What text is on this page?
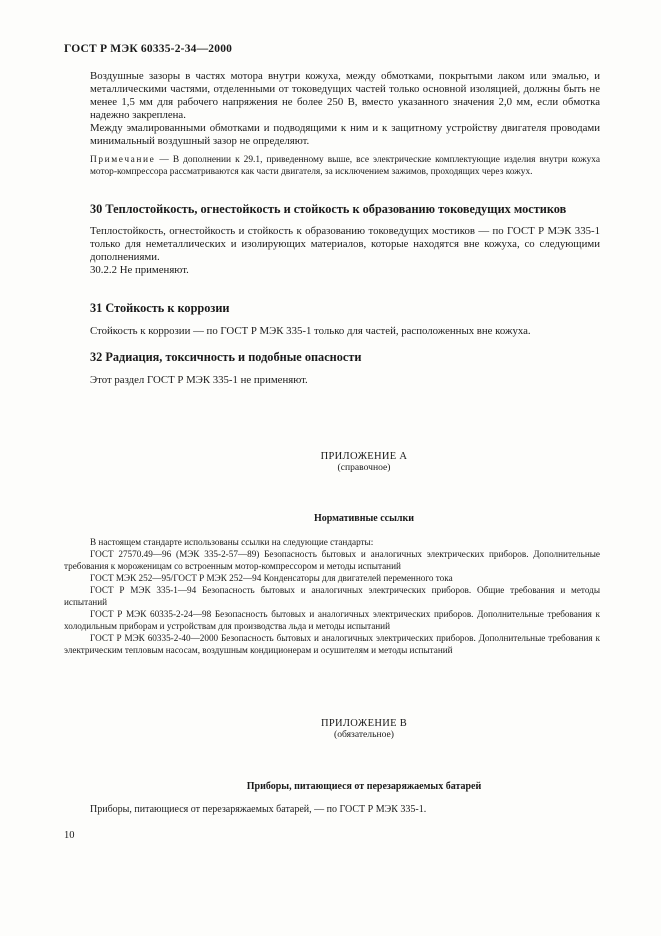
ГОСТ Р МЭК 60335-2-34—2000

Воздушные зазоры в частях мотора внутри кожуха, между обмотками, покрытыми лаком или эмалью, и металлическими частями, отделенными от токоведущих частей только основной изоляцией, должны быть не менее 1,5 мм для рабочего напряжения не более 250 В, вместо указанного значения 2,0 мм, если обмотка надежно закреплена.

Между эмалированными обмотками и подводящими к ним и к защитному устройству двигателя проводами минимальный воздушный зазор не определяют.

Примечание — В дополнении к 29.1, приведенному выше, все электрические комплектующие изделия внутри кожуха мотор-компрессора рассматриваются как части двигателя, за исключением зажимов, проходящих через кожух.

30 Теплостойкость, огнестойкость и стойкость к образованию токоведущих мостиков

Теплостойкость, огнестойкость и стойкость к образованию токоведущих мостиков — по ГОСТ Р МЭК 335-1 только для неметаллических и изолирующих материалов, которые находятся вне кожуха, со следующими дополнениями.

30.2.2 Не применяют.

31 Стойкость к коррозии

Стойкость к коррозии — по ГОСТ Р МЭК 335-1 только для частей, расположенных вне кожуха.

32 Радиация, токсичность и подобные опасности

Этот раздел ГОСТ Р МЭК 335-1 не применяют.

ПРИЛОЖЕНИЕ А
(справочное)
Нормативные ссылки

В настоящем стандарте использованы ссылки на следующие стандарты:

ГОСТ 27570.49—96 (МЭК 335-2-57—89) Безопасность бытовых и аналогичных электрических приборов. Дополнительные требования к мороженицам со встроенным мотор-компрессором и методы испытаний

ГОСТ МЭК 252—95/ГОСТ Р МЭК 252—94 Конденсаторы для двигателей переменного тока

ГОСТ Р МЭК 335-1—94 Безопасность бытовых и аналогичных электрических приборов. Общие требования и методы испытаний

ГОСТ Р МЭК 60335-2-24—98 Безопасность бытовых и аналогичных электрических приборов. Дополнительные требования к холодильным приборам и устройствам для производства льда и методы испытаний

ГОСТ Р МЭК 60335-2-40—2000 Безопасность бытовых и аналогичных электрических приборов. Дополнительные требования к электрическим тепловым насосам, воздушным кондиционерам и осушителям и методы испытаний

ПРИЛОЖЕНИЕ В
(обязательное)
Приборы, питающиеся от перезаряжаемых батарей

Приборы, питающиеся от перезаряжаемых батарей, — по ГОСТ Р МЭК 335-1.

10
